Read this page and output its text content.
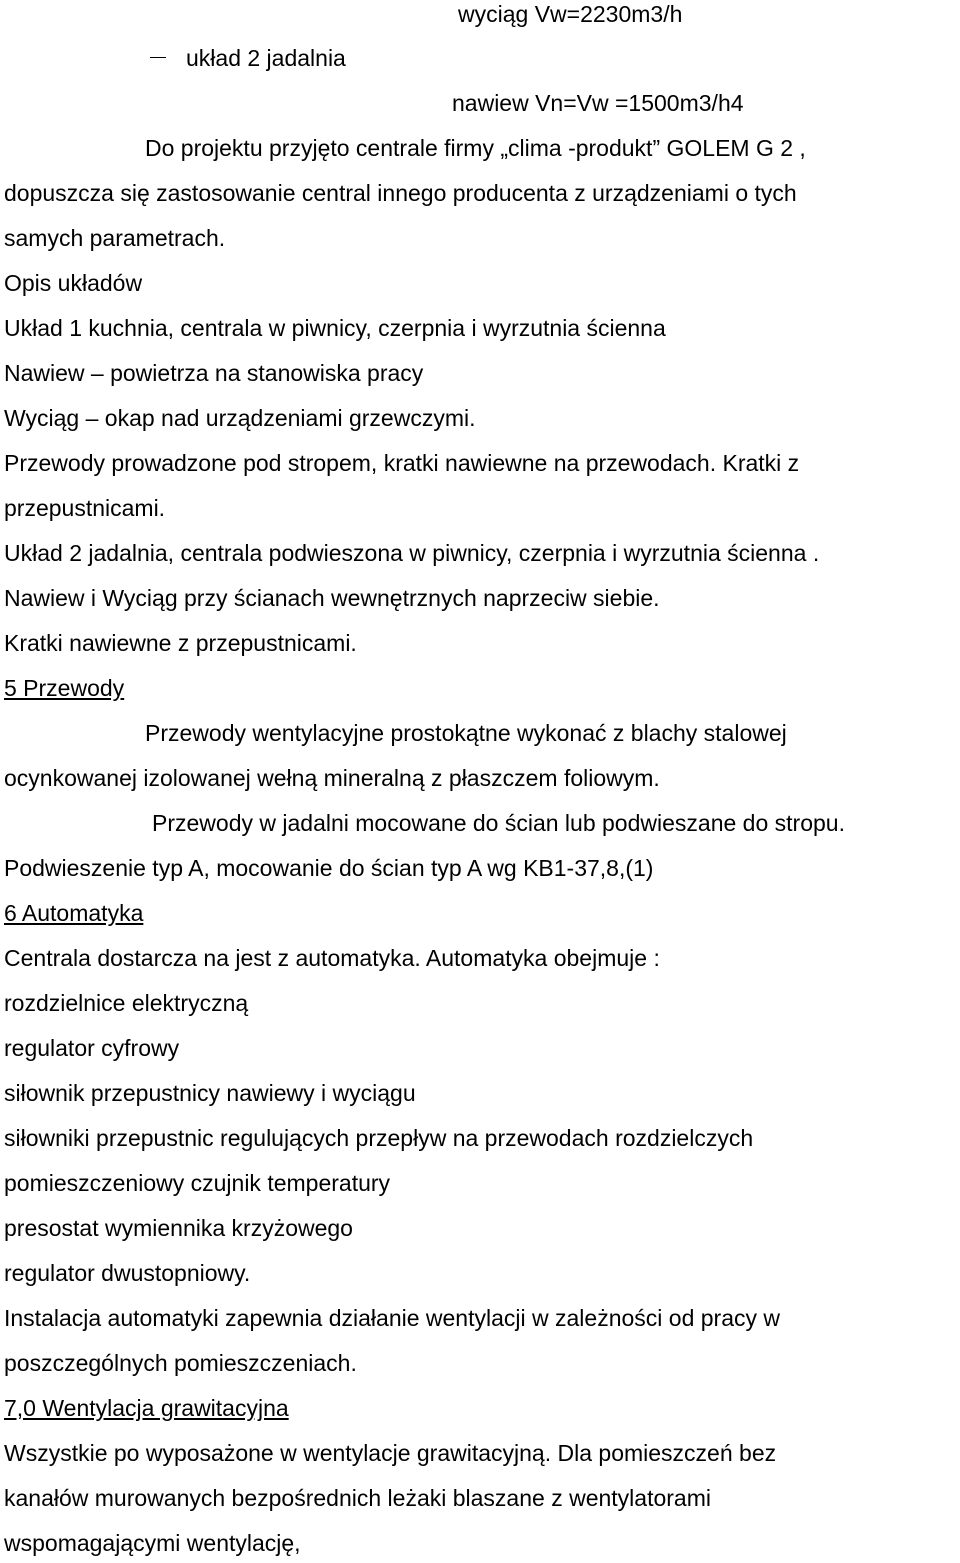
wyciąg Vw=2230m3/h
układ 2 jadalnia
nawiew Vn=Vw =1500m3/h4
Do projektu przyjęto centrale firmy „clima -produkt” GOLEM G 2 ,
dopuszcza się zastosowanie central innego producenta z urządzeniami o tych
samych parametrach.
Opis układów
Układ 1 kuchnia, centrala w piwnicy, czerpnia i wyrzutnia ścienna
Nawiew – powietrza na stanowiska pracy
Wyciąg – okap nad urządzeniami grzewczymi.
Przewody prowadzone pod stropem, kratki nawiewne na przewodach. Kratki z
przepustnicami.
Układ 2 jadalnia, centrala podwieszona w piwnicy, czerpnia i wyrzutnia ścienna .
Nawiew i Wyciąg przy ścianach wewnętrznych naprzeciw siebie.
Kratki nawiewne z przepustnicami.
5 Przewody
Przewody wentylacyjne prostokątne wykonać z blachy stalowej
ocynkowanej izolowanej wełną mineralną z płaszczem foliowym.
Przewody w jadalni mocowane do ścian lub podwieszane do stropu.
Podwieszenie typ A, mocowanie do ścian typ A wg KB1-37,8,(1)
6 Automatyka
Centrala dostarcza na jest z automatyka. Automatyka obejmuje :
rozdzielnice elektryczną
regulator cyfrowy
siłownik przepustnicy nawiewy i wyciągu
siłowniki przepustnic regulujących przepływ na przewodach rozdzielczych
pomieszczeniowy czujnik temperatury
presostat wymiennika krzyżowego
regulator dwustopniowy.
Instalacja automatyki zapewnia działanie wentylacji w zależności od pracy w
poszczególnych pomieszczeniach.
7,0 Wentylacja grawitacyjna
Wszystkie po wyposażone w wentylacje grawitacyjną. Dla pomieszczeń bez
kanałów murowanych bezpośrednich leżaki blaszane z wentylatorami
wspomagającymi wentylację,
